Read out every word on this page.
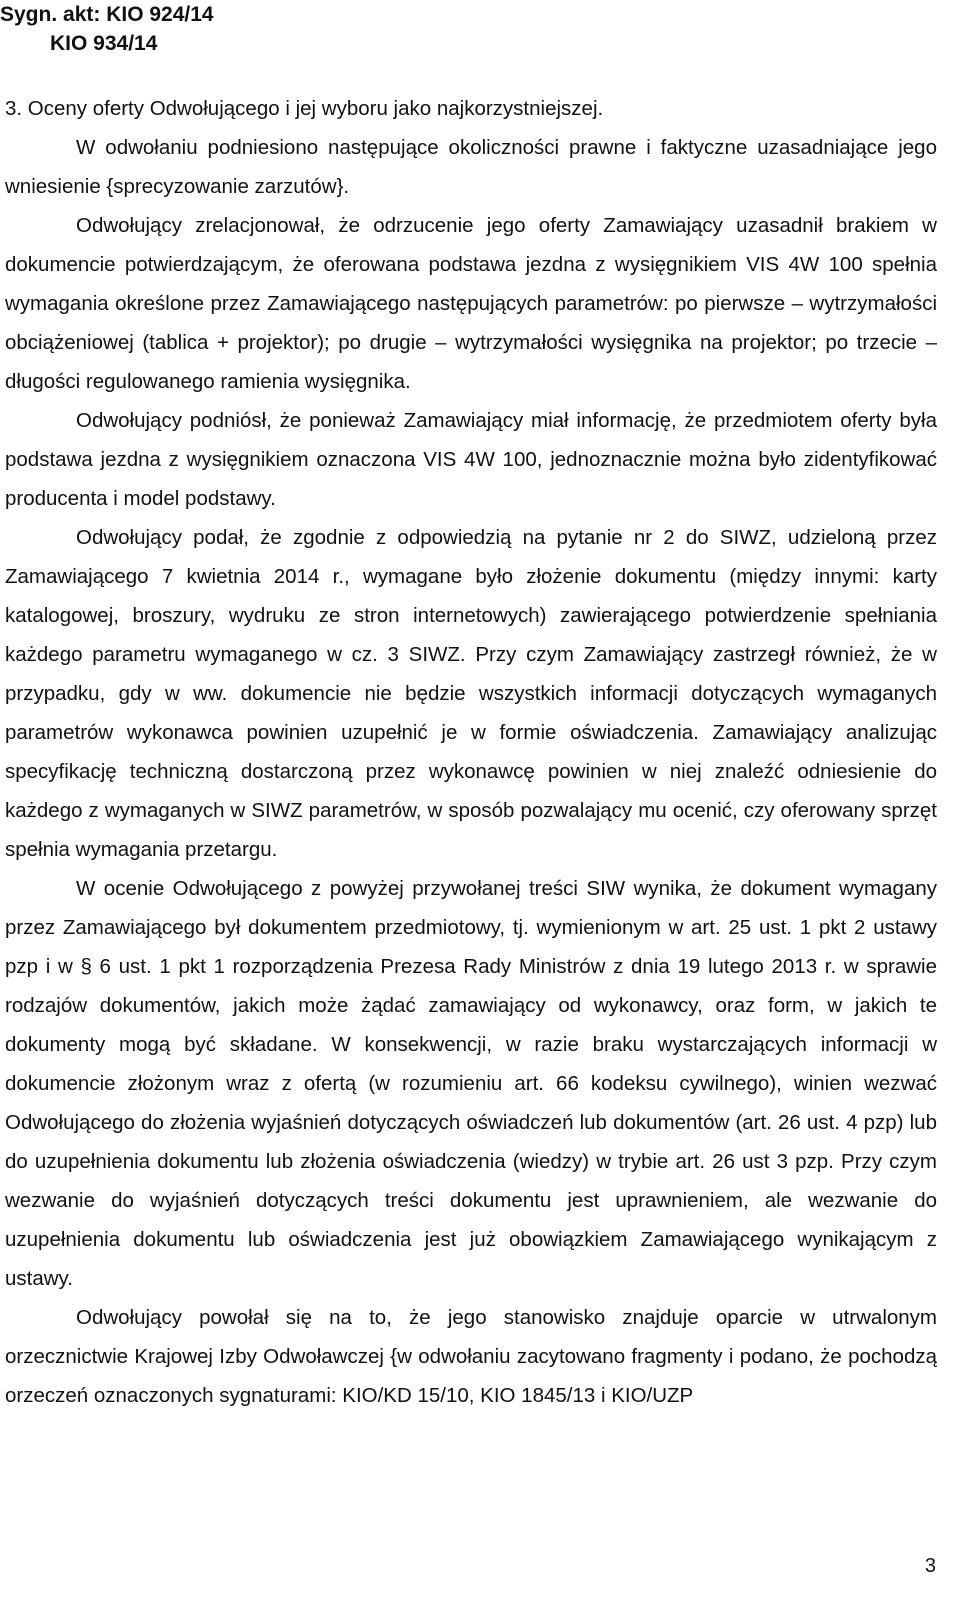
Sygn. akt: KIO 924/14
KIO 934/14

3. Oceny oferty Odwołującego i jej wyboru jako najkorzystniejszej.

W odwołaniu podniesiono następujące okoliczności prawne i faktyczne uzasadniające jego wniesienie {sprecyzowanie zarzutów}.

Odwołujący zrelacjonował, że odrzucenie jego oferty Zamawiający uzasadnił brakiem w dokumencie potwierdzającym, że oferowana podstawa jezdna z wysięgnikiem VIS 4W 100 spełnia wymagania określone przez Zamawiającego następujących parametrów: po pierwsze – wytrzymałości obciążeniowej (tablica + projektor); po drugie – wytrzymałości wysięgnika na projektor; po trzecie – długości regulowanego ramienia wysięgnika.

Odwołujący podniósł, że ponieważ Zamawiający miał informację, że przedmiotem oferty była podstawa jezdna z wysięgnikiem oznaczona VIS 4W 100, jednoznacznie można było zidentyfikować producenta i model podstawy.

Odwołujący podał, że zgodnie z odpowiedzią na pytanie nr 2 do SIWZ, udzieloną przez Zamawiającego 7 kwietnia 2014 r., wymagane było złożenie dokumentu (między innymi: karty katalogowej, broszury, wydruku ze stron internetowych) zawierającego potwierdzenie spełniania każdego parametru wymaganego w cz. 3 SIWZ. Przy czym Zamawiający zastrzegł również, że w przypadku, gdy w ww. dokumencie nie będzie wszystkich informacji dotyczących wymaganych parametrów wykonawca powinien uzupełnić je w formie oświadczenia. Zamawiający analizując specyfikację techniczną dostarczoną przez wykonawcę powinien w niej znaleźć odniesienie do każdego z wymaganych w SIWZ parametrów, w sposób pozwalający mu ocenić, czy oferowany sprzęt spełnia wymagania przetargu.

W ocenie Odwołującego z powyżej przywołanej treści SIW wynika, że dokument wymagany przez Zamawiającego był dokumentem przedmiotowy, tj. wymienionym w art. 25 ust. 1 pkt 2 ustawy pzp i w § 6 ust. 1 pkt 1 rozporządzenia Prezesa Rady Ministrów z dnia 19 lutego 2013 r. w sprawie rodzajów dokumentów, jakich może żądać zamawiający od wykonawcy, oraz form, w jakich te dokumenty mogą być składane. W konsekwencji, w razie braku wystarczających informacji w dokumencie złożonym wraz z ofertą (w rozumieniu art. 66 kodeksu cywilnego), winien wezwać Odwołującego do złożenia wyjaśnień dotyczących oświadczeń lub dokumentów (art. 26 ust. 4 pzp) lub do uzupełnienia dokumentu lub złożenia oświadczenia (wiedzy) w trybie art. 26 ust 3 pzp. Przy czym wezwanie do wyjaśnień dotyczących treści dokumentu jest uprawnieniem, ale wezwanie do uzupełnienia dokumentu lub oświadczenia jest już obowiązkiem Zamawiającego wynikającym z ustawy.

Odwołujący powołał się na to, że jego stanowisko znajduje oparcie w utrwalonym orzecznictwie Krajowej Izby Odwoławczej {w odwołaniu zacytowano fragmenty i podano, że pochodzą orzeczeń oznaczonych sygnaturami: KIO/KD 15/10, KIO 1845/13 i KIO/UZP

3
